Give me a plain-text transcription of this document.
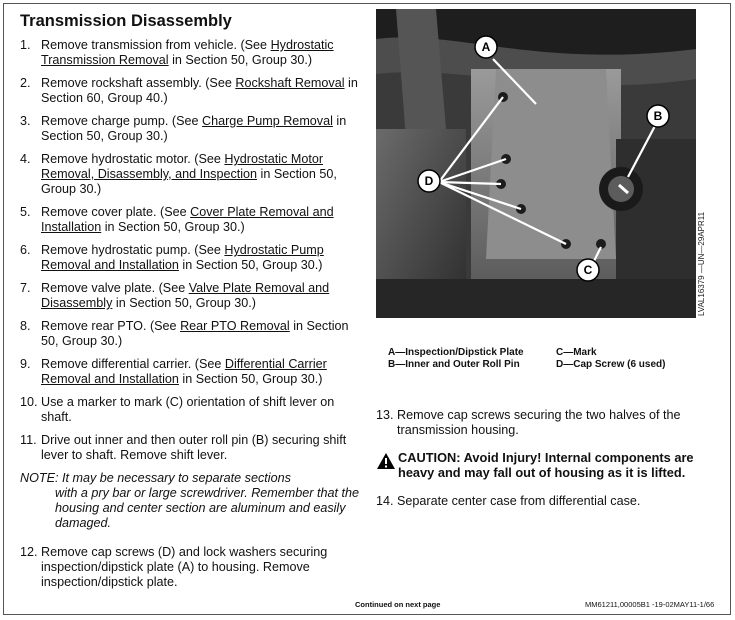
Transmission Disassembly
1. Remove transmission from vehicle. (See Hydrostatic Transmission Removal in Section 50, Group 30.)
2. Remove rockshaft assembly. (See Rockshaft Removal in Section 60, Group 40.)
3. Remove charge pump. (See Charge Pump Removal in Section 50, Group 30.)
4. Remove hydrostatic motor. (See Hydrostatic Motor Removal, Disassembly, and Inspection in Section 50, Group 30.)
5. Remove cover plate. (See Cover Plate Removal and Installation in Section 50, Group 30.)
6. Remove hydrostatic pump. (See Hydrostatic Pump Removal and Installation in Section 50, Group 30.)
7. Remove valve plate. (See Valve Plate Removal and Disassembly in Section 50, Group 30.)
8. Remove rear PTO. (See Rear PTO Removal in Section 50, Group 30.)
9. Remove differential carrier. (See Differential Carrier Removal and Installation in Section 50, Group 30.)
10. Use a marker to mark (C) orientation of shift lever on shaft.
11. Drive out inner and then outer roll pin (B) securing shift lever to shaft. Remove shift lever.
NOTE: It may be necessary to separate sections
with a pry bar or large screwdriver. Remember that the housing and center section are aluminum and easily damaged.
12. Remove cap screws (D) and lock washers securing inspection/dipstick plate (A) to housing. Remove inspection/dipstick plate.
A
B
C
D
LVAL16379 —UN—29APR11
A—Inspection/Dipstick Plate	C—Mark
B—Inner and Outer Roll Pin	D—Cap Screw (6 used)
13. Remove cap screws securing the two halves of the transmission housing.
CAUTION: Avoid Injury! Internal components are heavy and may fall out of housing as it is lifted.
14. Separate center case from differential case.
Continued on next page	MM61211,00005B1 -19-02MAY11-1/66
